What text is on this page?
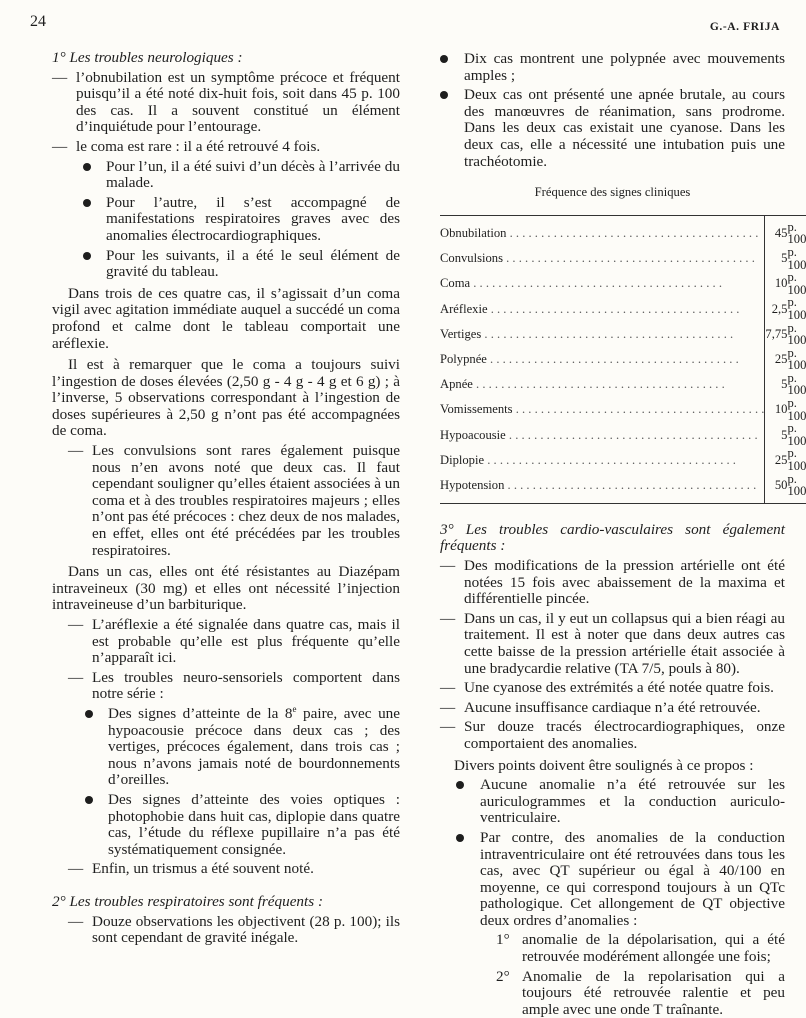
24	G.-A. FRIJA

1° Les troubles neurologiques :

— l’obnubilation est un symptôme précoce et fréquent puisqu’il a été noté dix-huit fois, soit dans 45 p. 100 des cas. Il a souvent constitué un élément d’inquiétude pour l’entourage.

— le coma est rare : il a été retrouvé 4 fois.

Pour l’un, il a été suivi d’un décès à l’arrivée du malade.

Pour l’autre, il s’est accompagné de manifestations respiratoires graves avec des anomalies électrocardiographiques.

Pour les suivants, il a été le seul élément de gravité du tableau.

Dans trois de ces quatre cas, il s’agissait d’un coma vigil avec agitation immédiate auquel a succédé un coma profond et calme dont le tableau comportait une aréflexie.

Il est à remarquer que le coma a toujours suivi l’ingestion de doses élevées (2,50 g - 4 g - 4 g et 6 g) ; à l’inverse, 5 observations correspondant à l’ingestion de doses supérieures à 2,50 g n’ont pas été accompagnées de coma.

— Les convulsions sont rares également puisque nous n’en avons noté que deux cas. Il faut cependant souligner qu’elles étaient associées à un coma et à des troubles respiratoires majeurs ; elles n’ont pas été précoces : chez deux de nos malades, en effet, elles ont été précédées par les troubles respiratoires.

Dans un cas, elles ont été résistantes au Diazépam intraveineux (30 mg) et elles ont nécessité l’injection intraveineuse d’un barbiturique.

— L’aréflexie a été signalée dans quatre cas, mais il est probable qu’elle est plus fréquente qu’elle n’apparaît ici.

— Les troubles neuro-sensoriels comportent dans notre série :

Des signes d’atteinte de la 8e paire, avec une hypoacousie précoce dans deux cas ; des vertiges, précoces également, dans trois cas ; nous n’avons jamais noté de bourdonnements d’oreilles.

Des signes d’atteinte des voies optiques : photophobie dans huit cas, diplopie dans quatre cas, l’étude du réflexe pupillaire n’a pas été systématiquement consignée.

— Enfin, un trismus a été souvent noté.

2° Les troubles respiratoires sont fréquents :

— Douze observations les objectivent (28 p. 100); ils sont cependant de gravité inégale.

Dix cas montrent une polypnée avec mouvements amples ;

Deux cas ont présenté une apnée brutale, au cours des manœuvres de réanimation, sans prodrome. Dans les deux cas existait une cyanose. Dans les deux cas, elle a nécessité une intubation puis une trachéotomie.

Fréquence des signes cliniques
Obnubilation . . . . . . . . . . . . . . . . . . . . . . . . . . . . . . . . . . . . . . . .	45	p. 100
Convulsions . . . . . . . . . . . . . . . . . . . . . . . . . . . . . . . . . . . . . . . .	5	p. 100
Coma . . . . . . . . . . . . . . . . . . . . . . . . . . . . . . . . . . . . . . . .	10	p. 100
Aréflexie . . . . . . . . . . . . . . . . . . . . . . . . . . . . . . . . . . . . . . . .	2,5	p. 100
Vertiges . . . . . . . . . . . . . . . . . . . . . . . . . . . . . . . . . . . . . . . .	7,75	p. 100
Polypnée . . . . . . . . . . . . . . . . . . . . . . . . . . . . . . . . . . . . . . . .	25	p. 100
Apnée . . . . . . . . . . . . . . . . . . . . . . . . . . . . . . . . . . . . . . . .	5	p. 100
Vomissements . . . . . . . . . . . . . . . . . . . . . . . . . . . . . . . . . . . . . . . .	10	p. 100
Hypoacousie . . . . . . . . . . . . . . . . . . . . . . . . . . . . . . . . . . . . . . . .	5	p. 100
Diplopie . . . . . . . . . . . . . . . . . . . . . . . . . . . . . . . . . . . . . . . .	25	p. 100
Hypotension . . . . . . . . . . . . . . . . . . . . . . . . . . . . . . . . . . . . . . . .	50	p. 100

3° Les troubles cardio-vasculaires sont également fréquents :

— Des modifications de la pression artérielle ont été notées 15 fois avec abaissement de la maxima et différentielle pincée.

— Dans un cas, il y eut un collapsus qui a bien réagi au traitement. Il est à noter que dans deux autres cas cette baisse de la pression artérielle était associée à une bradycardie relative (TA 7/5, pouls à 80).

— Une cyanose des extrémités a été notée quatre fois.

— Aucune insuffisance cardiaque n’a été retrouvée.

— Sur douze tracés électrocardiographiques, onze comportaient des anomalies.

Divers points doivent être soulignés à ce propos :

Aucune anomalie n’a été retrouvée sur les auriculogrammes et la conduction auriculo-ventriculaire.

Par contre, des anomalies de la conduction intraventriculaire ont été retrouvées dans tous les cas, avec QT supérieur ou égal à 40/100 en moyenne, ce qui correspond toujours à un QTc pathologique. Cet allongement de QT objective deux ordres d’anomalies :

1° anomalie de la dépolarisation, qui a été retrouvée modérément allongée une fois;

2° Anomalie de la repolarisation qui a toujours été retrouvée ralentie et peu ample avec une onde T traînante.
